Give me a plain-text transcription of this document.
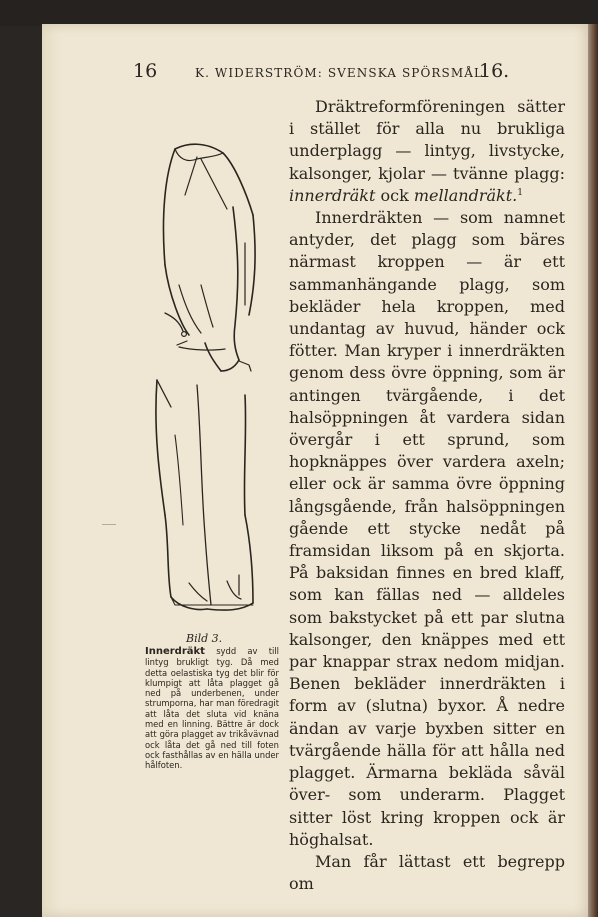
16	K. WIDERSTRÖM: SVENSKA SPÖRSMÅL.
16.

Dräktreformföreningen sätter i stället för alla nu brukliga underplagg — lintyg, livstycke, kalsonger, kjolar — tvänne plagg: innerdräkt ock mellandräkt.$^1$

Innerdräkten — som namnet antyder, det plagg som bäres närmast kroppen — är ett sammanhängande plagg, som bekläder hela kroppen, med undantag av huvud, händer ock fötter. Man kryper i innerdräkten genom dess övre öppning, som är antingen tvärgående, i det halsöppningen åt vardera sidan övergår i ett sprund, som hopknäppes över vardera axeln; eller ock är samma övre öppning långsgående, från halsöppningen gående ett stycke nedåt på framsidan liksom på en skjorta. På baksidan finnes en bred klaff, som kan fällas ned — alldeles som bakstycket på ett par slutna kalsonger, den knäppes med ett par knappar strax nedom midjan. Benen bekläder innerdräkten i form av (slutna) byxor. Å nedre ändan av varje byxben sitter en tvärgående hälla för att hålla ned plagget. Ärmarna bekläda såväl över- som underarm. Plagget sitter löst kring kroppen ock är höghalsat.

Man får lättast ett begrepp om

Bild 3.
Innerdräkt sydd av till lintyg brukligt tyg. Då med detta oelastiska tyg det blir för klumpigt att låta plagget gå ned på underbenen, under strumporna, har man föredragit att låta det sluta vid knäna med en linning. Bättre är dock att göra plagget av trikåvävnad ock låta det gå ned till foten ock fasthållas av en hälla under hålfoten.
